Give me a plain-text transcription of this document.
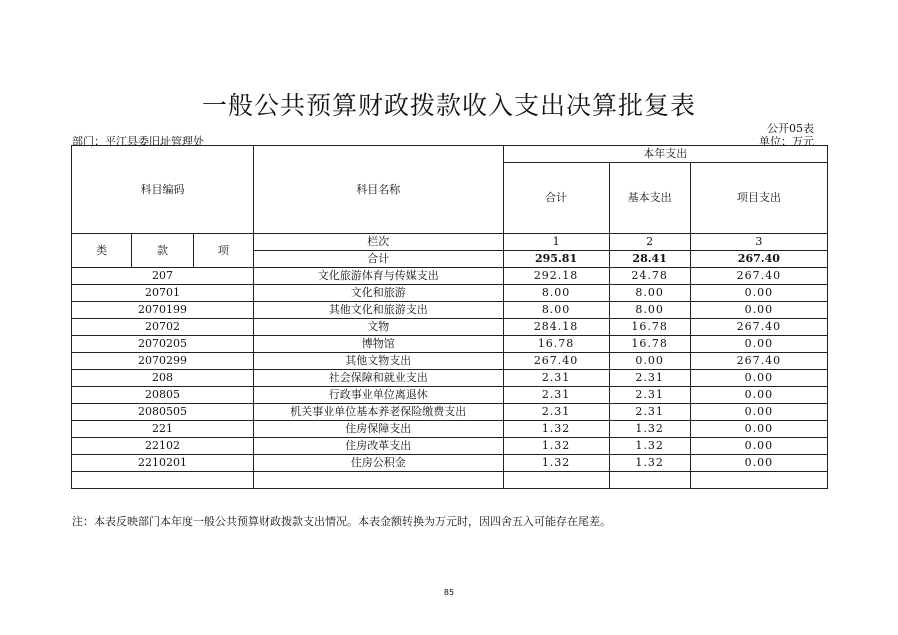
一般公共预算财政拨款收入支出决算批复表
公开05表
部门：平江县委旧址管理处	单位：万元
科目编码			科目名称	本年支出		
				合计	基本支出	项目支出
类	款	项	栏次	1	2	3
			合计	295.81	28.41	267.40
207			文化旅游体育与传媒支出	292.18	24.78	267.40
20701			文化和旅游	8.00	8.00	0.00
2070199			其他文化和旅游支出	8.00	8.00	0.00
20702			文物	284.18	16.78	267.40
2070205			博物馆	16.78	16.78	0.00
2070299			其他文物支出	267.40	0.00	267.40
208			社会保障和就业支出	2.31	2.31	0.00
20805			行政事业单位离退休	2.31	2.31	0.00
2080505			机关事业单位基本养老保险缴费支出	2.31	2.31	0.00
221			住房保障支出	1.32	1.32	0.00
22102			住房改革支出	1.32	1.32	0.00
2210201			住房公积金	1.32	1.32	0.00

注：本表反映部门本年度一般公共预算财政拨款支出情况。本表金额转换为万元时，因四舍五入可能存在尾差。
85
